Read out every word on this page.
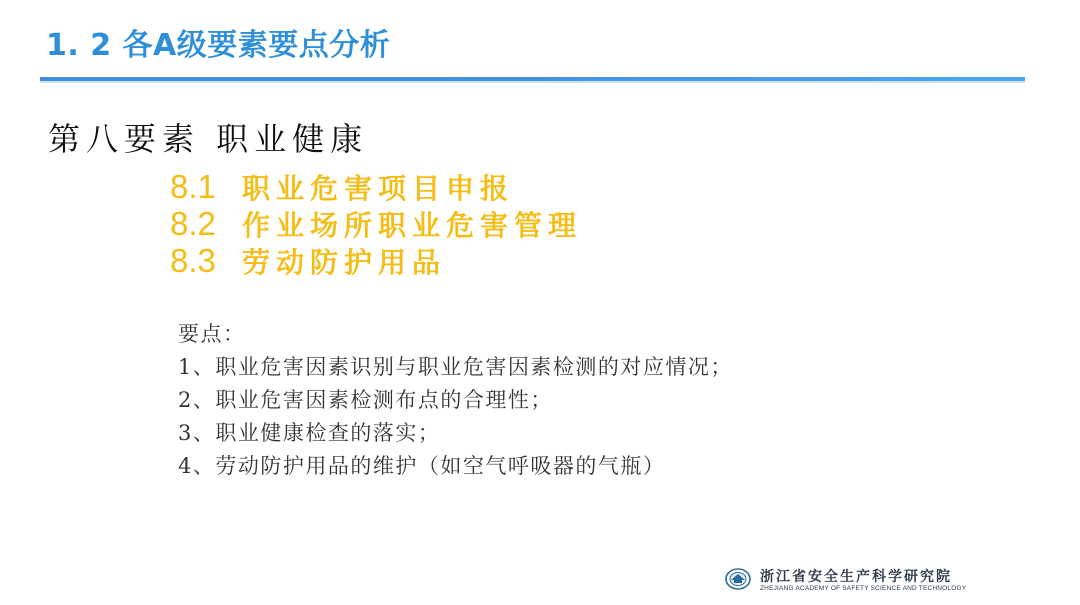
1. 2 各A级要素要点分析
第八要素 职业健康
8.1 职业危害项目申报
8.2 作业场所职业危害管理
8.3 劳动防护用品
要点：
1、职业危害因素识别与职业危害因素检测的对应情况；
2、职业危害因素检测布点的合理性；
3、职业健康检查的落实；
4、劳动防护用品的维护（如空气呼吸器的气瓶）
浙江省安全生产科学研究院
ZHEJIANG ACADEMY OF SAFETY SCIENCE AND TECHNOLOGY
